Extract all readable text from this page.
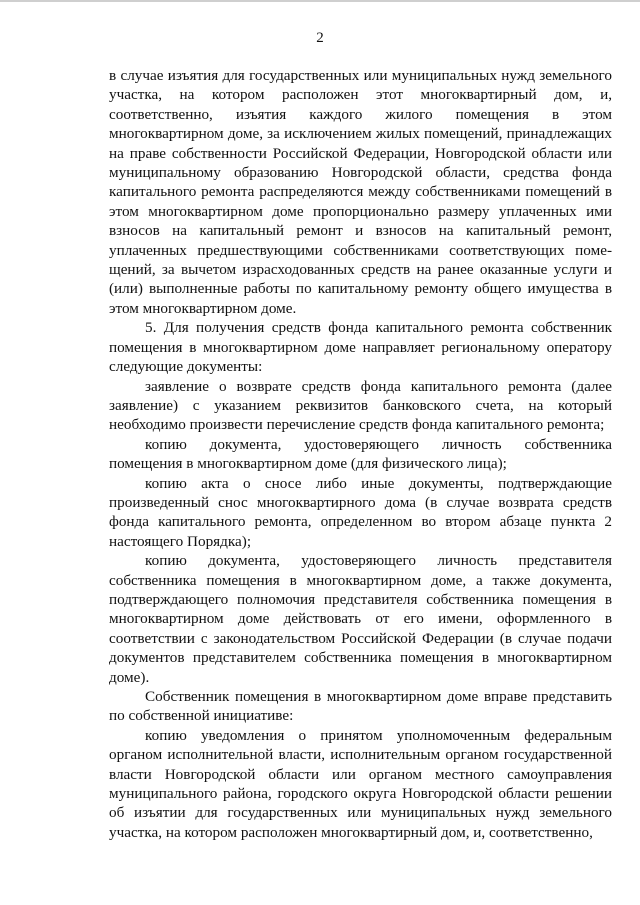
2

в случае изъятия для государственных или муниципальных нужд земельного участка, на котором расположен этот многоквартирный дом, и, соответственно, изъятия каждого жилого помещения в этом многоквартирном доме, за исключением жилых помещений, принадлежащих на праве собственности Российской Федерации, Новгородской области или муниципальному образованию Новгородской области, средства фонда капитального ремонта распределяются между собственниками помещений в этом многоквартирном доме пропорционально размеру уплаченных ими взносов на капитальный ремонт и взносов на капитальный ремонт, уплаченных предшествующими собственниками соответствующих помещений, за вычетом израсходованных средств на ранее оказанные услуги и (или) выполненные работы по капитальному ремонту общего имущества в этом многоквартирном доме.

5. Для получения средств фонда капитального ремонта собственник помещения в многоквартирном доме направляет региональному оператору следующие документы:

заявление о возврате средств фонда капитального ремонта (далее заявление) с указанием реквизитов банковского счета, на который необходимо произвести перечисление средств фонда капитального ремонта;

копию документа, удостоверяющего личность собственника помещения в многоквартирном доме (для физического лица);

копию акта о сносе либо иные документы, подтверждающие произведенный снос многоквартирного дома (в случае возврата средств фонда капитального ремонта, определенном во втором абзаце пункта 2 настоящего Порядка);

копию документа, удостоверяющего личность представителя собственника помещения в многоквартирном доме, а также документа, подтверждающего полномочия представителя собственника помещения в многоквартирном доме действовать от его имени, оформленного в соответствии с законодательством Российской Федерации (в случае подачи документов представителем собственника помещения в многоквартирном доме).

Собственник помещения в многоквартирном доме вправе представить по собственной инициативе:

копию уведомления о принятом уполномоченным федеральным органом исполнительной власти, исполнительным органом государственной власти Новгородской области или органом местного самоуправления муниципального района, городского округа Новгородской области решении об изъятии для государственных или муниципальных нужд земельного участка, на котором расположен многоквартирный дом, и, соответственно,
